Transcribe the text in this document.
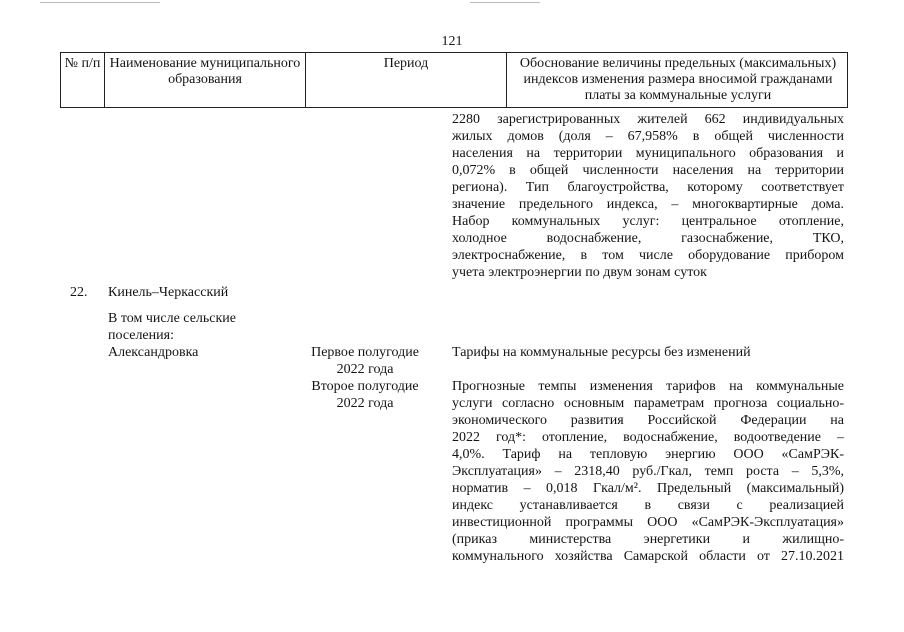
121
№ п/п Наименование муниципального образования
Период	Обоснование величины предельных (максимальных) индексов изменения размера вносимой гражданами платы за коммунальные услуги
2280 зарегистрированных жителей 662 индивидуальных
жилых домов (доля – 67,958% в общей численности
населения на территории муниципального образования и
0,072% в общей численности населения на территории
региона). Тип благоустройства, которому соответствует
значение предельного индекса, – многоквартирные дома.
Набор коммунальных услуг: центральное отопление,
холодное водоснабжение, газоснабжение, ТКО,
электроснабжение, в том числе оборудование прибором
учета электроэнергии по двум зонам суток
22. Кинель–Черкасский
В том числе сельские
поселения:
Александровка	Первое полугодие
2022 года
Тарифы на коммунальные ресурсы без изменений
Второе полугодие
2022 года
Прогнозные темпы изменения тарифов на коммунальные
услуги согласно основным параметрам прогноза социально-
экономического развития Российской Федерации на
2022 год*: отопление, водоснабжение, водоотведение –
4,0%. Тариф на тепловую энергию ООО «СамРЭК-
Эксплуатация» – 2318,40 руб./Гкал, темп роста – 5,3%,
норматив – 0,018 Гкал/м². Предельный (максимальный)
индекс устанавливается в связи с реализацией
инвестиционной программы ООО «СамРЭК-Эксплуатация»
(приказ министерства энергетики и жилищно-
коммунального хозяйства Самарской области от 27.10.2021
